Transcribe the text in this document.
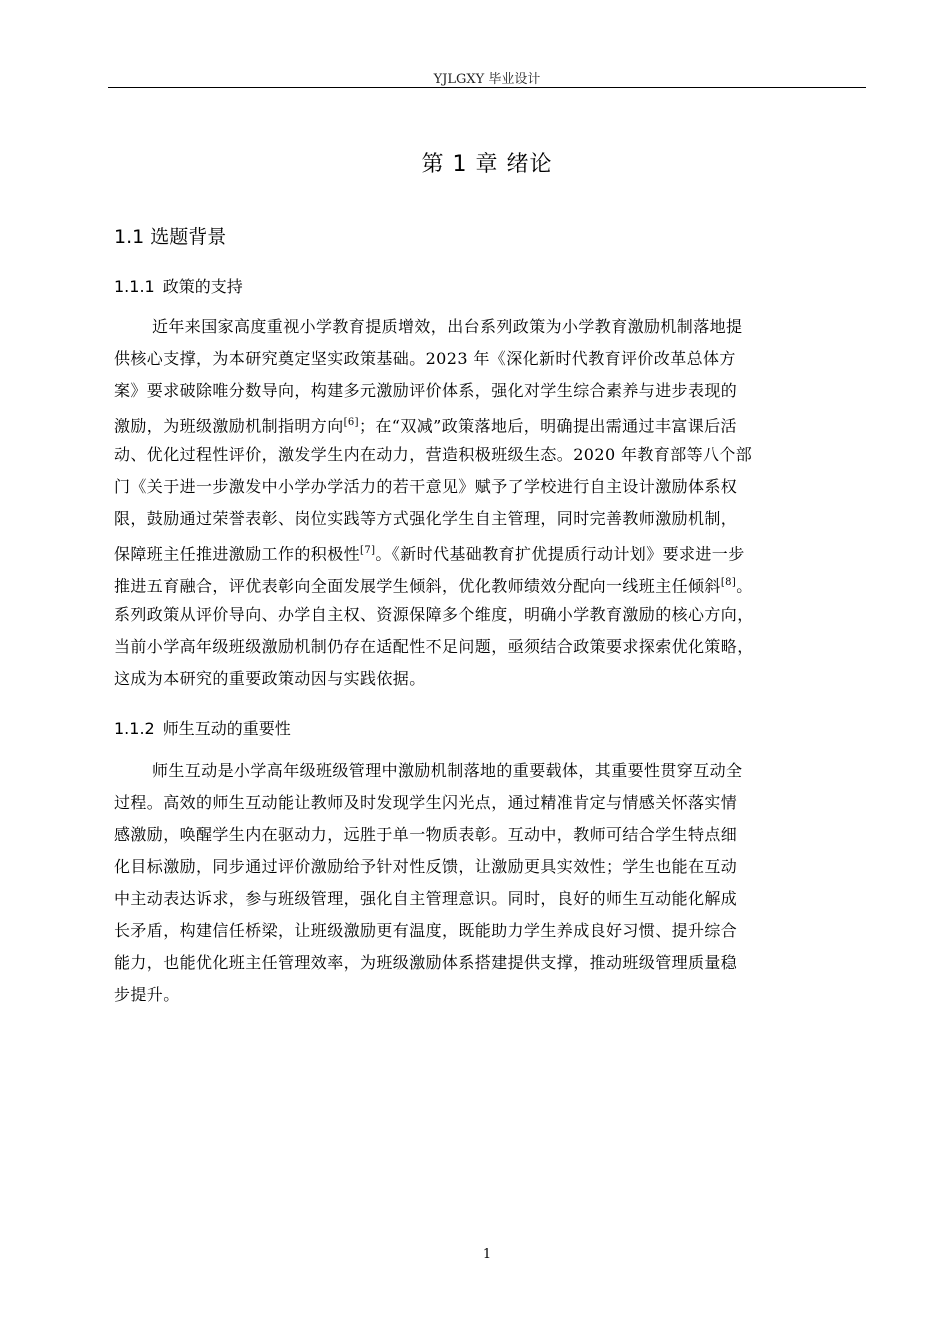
YJLGXY 毕业设计
第 1 章 绪论
1.1 选题背景
1.1.1 政策的支持
近年来国家高度重视小学教育提质增效，出台系列政策为小学教育激励机制落地提
供核心支撑，为本研究奠定坚实政策基础。2023 年《深化新时代教育评价改革总体方
案》要求破除唯分数导向，构建多元激励评价体系，强化对学生综合素养与进步表现的
激励，为班级激励机制指明方向[6]；在“双减”政策落地后，明确提出需通过丰富课后活
动、优化过程性评价，激发学生内在动力，营造积极班级生态。2020 年教育部等八个部
门《关于进一步激发中小学办学活力的若干意见》赋予了学校进行自主设计激励体系权
限，鼓励通过荣誉表彰、岗位实践等方式强化学生自主管理，同时完善教师激励机制，
保障班主任推进激励工作的积极性[7]。《新时代基础教育扩优提质行动计划》要求进一步
推进五育融合，评优表彰向全面发展学生倾斜，优化教师绩效分配向一线班主任倾斜[8]。
系列政策从评价导向、办学自主权、资源保障多个维度，明确小学教育激励的核心方向，
当前小学高年级班级激励机制仍存在适配性不足问题，亟须结合政策要求探索优化策略，
这成为本研究的重要政策动因与实践依据。
1.1.2 师生互动的重要性
师生互动是小学高年级班级管理中激励机制落地的重要载体，其重要性贯穿互动全
过程。高效的师生互动能让教师及时发现学生闪光点，通过精准肯定与情感关怀落实情
感激励，唤醒学生内在驱动力，远胜于单一物质表彰。互动中，教师可结合学生特点细
化目标激励，同步通过评价激励给予针对性反馈，让激励更具实效性；学生也能在互动
中主动表达诉求，参与班级管理，强化自主管理意识。同时，良好的师生互动能化解成
长矛盾，构建信任桥梁，让班级激励更有温度，既能助力学生养成良好习惯、提升综合
能力，也能优化班主任管理效率，为班级激励体系搭建提供支撑，推动班级管理质量稳
步提升。
1
